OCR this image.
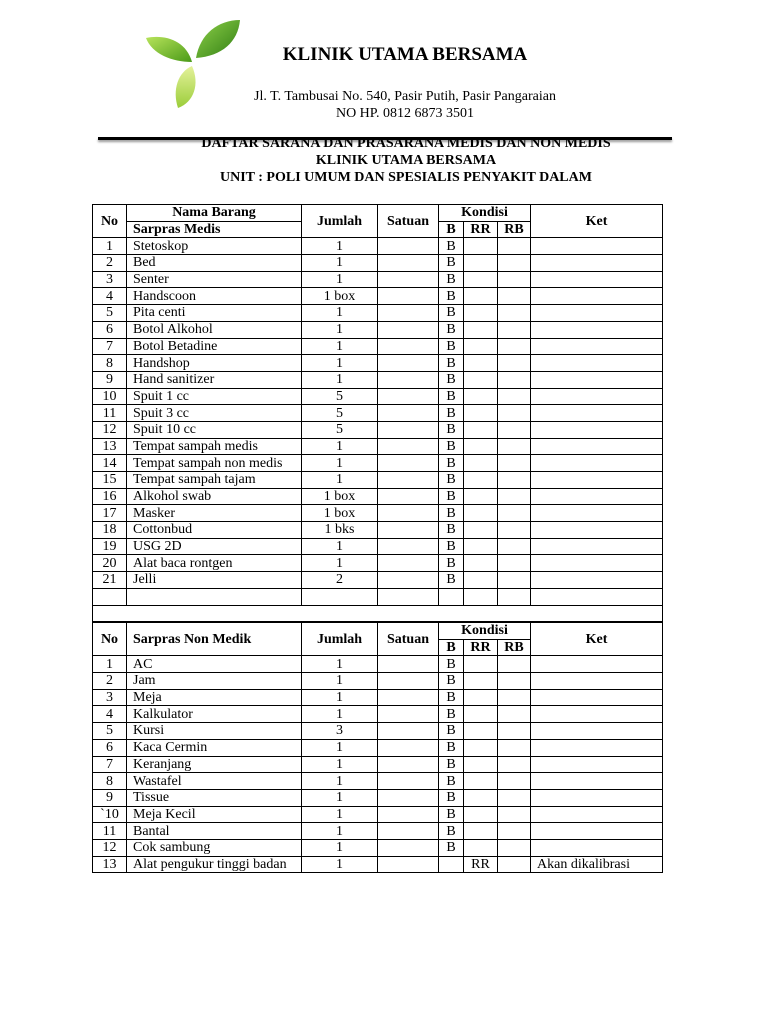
KLINIK UTAMA BERSAMA
Jl. T. Tambusai No. 540, Pasir Putih, Pasir Pangaraian
NO HP. 0812 6873 3501
DAFTAR SARANA DAN PRASARANA MEDIS DAN NON MEDIS
KLINIK UTAMA BERSAMA
UNIT : POLI UMUM DAN SPESIALIS PENYAKIT DALAM
No	Nama Barang	Jumlah	Satuan	Kondisi			Ket
	Sarpras Medis			B	RR	RB	
1	Stetoskop	1		B			
2	Bed	1		B			
3	Senter	1		B			
4	Handscoon	1 box		B			
5	Pita centi	1		B			
6	Botol Alkohol	1		B			
7	Botol Betadine	1		B			
8	Handshop	1		B			
9	Hand sanitizer	1		B			
10	Spuit 1 cc	5		B			
11	Spuit 3 cc	5		B			
12	Spuit 10 cc	5		B			
13	Tempat sampah medis	1		B			
14	Tempat sampah non medis	1		B			
15	Tempat sampah tajam	1		B			
16	Alkohol swab	1 box		B			
17	Masker	1 box		B			
18	Cottonbud	1 bks		B			
19	USG 2D	1		B			
20	Alat baca rontgen	1		B			
21	Jelli	2		B			

No	Sarpras Non Medik	Jumlah	Satuan	Kondisi			Ket
				B	RR	RB	
1	AC	1		B			
2	Jam	1		B			
3	Meja	1		B			
4	Kalkulator	1		B			
5	Kursi	3		B			
6	Kaca Cermin	1		B			
7	Keranjang	1		B			
8	Wastafel	1		B			
9	Tissue	1		B			
`10	Meja Kecil	1		B			
11	Bantal	1		B			
12	Cok sambung	1		B			
13	Alat pengukur tinggi badan	1			RR		Akan dikalibrasi
